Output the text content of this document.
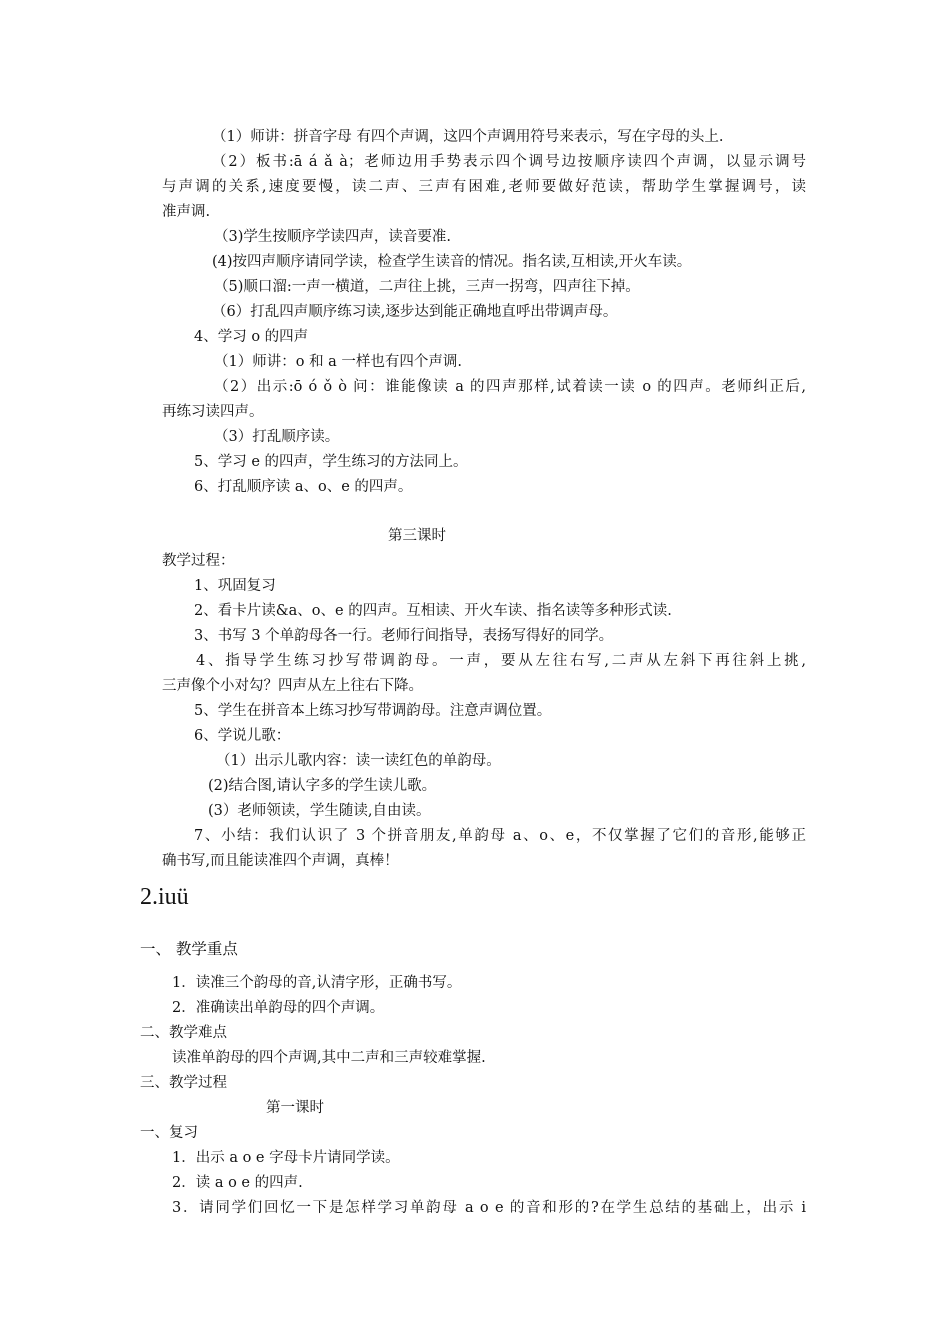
（1）师讲：拼音字母 有四个声调，这四个声调用符号来表示，写在字母的头上.
（2）板书:ā á ǎ à；老师边用手势表示四个调号边按顺序读四个声调，以显示调号
与声调的关系,速度要慢，读二声、三声有困难,老师要做好范读，帮助学生掌握调号，读
准声调.
（3)学生按顺序学读四声，读音要准.
(4)按四声顺序请同学读，检查学生读音的情况。指名读,互相读,开火车读。
（5)顺口溜:一声一横道，二声往上挑，三声一拐弯，四声往下掉。
（6）打乱四声顺序练习读,逐步达到能正确地直呼出带调声母。
4、学习 o 的四声
（1）师讲：o 和 a 一样也有四个声调.
（2）出示:ō ó ǒ ò 问：谁能像读 a 的四声那样,试着读一读 o 的四声。老师纠正后,
再练习读四声。
（3）打乱顺序读。
5、学习 e 的四声，学生练习的方法同上。
6、打乱顺序读 a、o、e 的四声。
第三课时
教学过程：
1、巩固复习
2、看卡片读&a、o、e 的四声。互相读、开火车读、指名读等多种形式读.
3、书写 3 个单韵母各一行。老师行间指导，表扬写得好的同学。
4、指导学生练习抄写带调韵母。一声，要从左往右写,二声从左斜下再往斜上挑,
三声像个小对勾？四声从左上往右下降。
5、学生在拼音本上练习抄写带调韵母。注意声调位置。
6、学说儿歌：
（1）出示儿歌内容：读一读红色的单韵母。
(2)结合图,请认字多的学生读儿歌。
(3）老师领读，学生随读,自由读。
7、小结：我们认识了 3 个拼音朋友,单韵母 a、o、e，不仅掌握了它们的音形,能够正
确书写,而且能读准四个声调，真棒！
2.iuü
一、 教学重点
1．读准三个韵母的音,认清字形，正确书写。
2．准确读出单韵母的四个声调。
二、教学难点
读准单韵母的四个声调,其中二声和三声较难掌握.
三、教学过程
第一课时
一、复习
1．出示 a o e 字母卡片请同学读。
2．读 a o e 的四声.
3．请同学们回忆一下是怎样学习单韵母 a o e 的音和形的?在学生总结的基础上，出示 i
